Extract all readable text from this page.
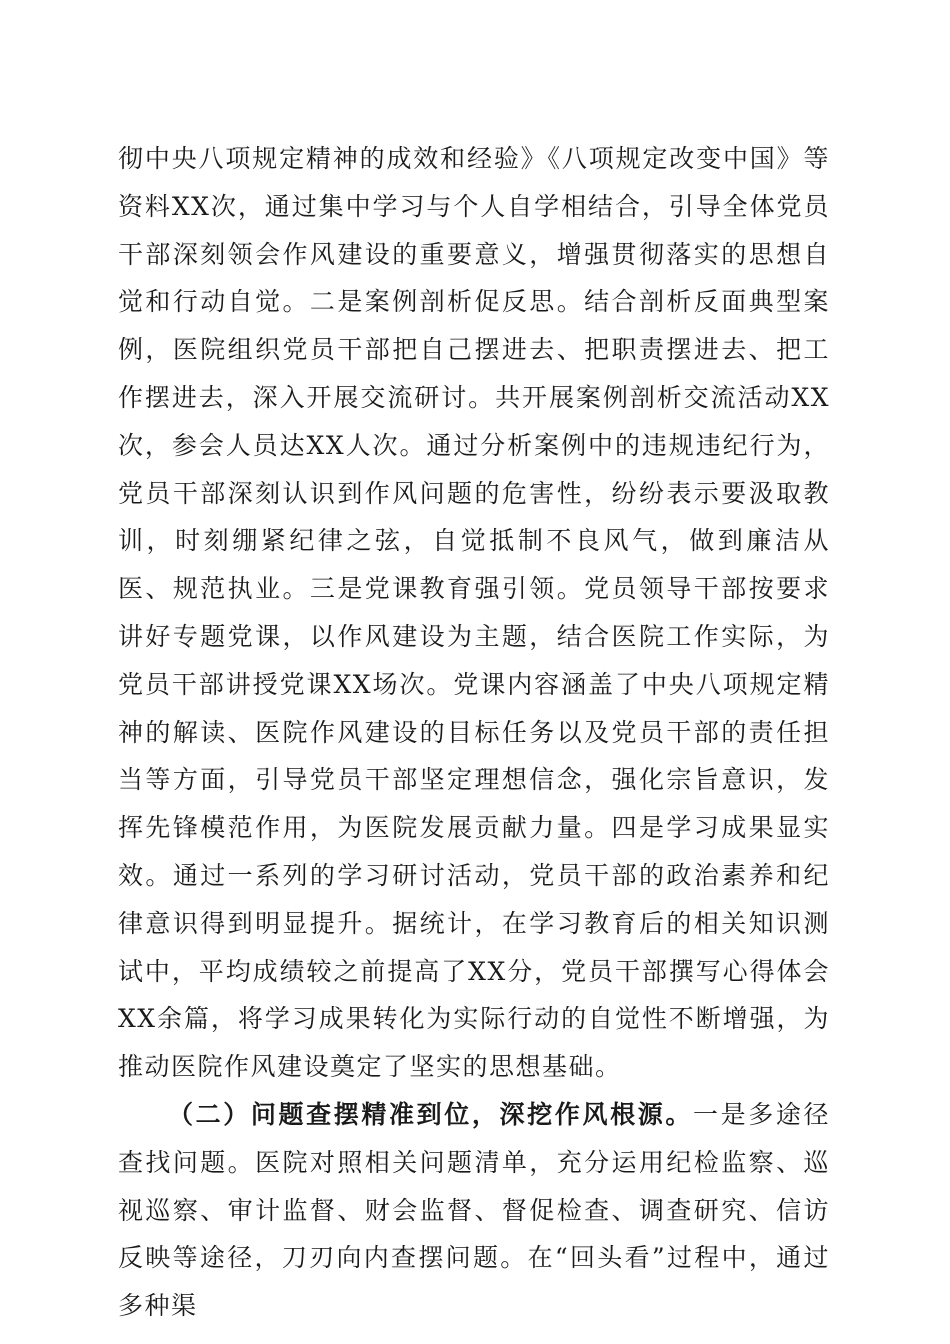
彻中央八项规定精神的成效和经验》《八项规定改变中国》等资料XX次，通过集中学习与个人自学相结合，引导全体党员干部深刻领会作风建设的重要意义，增强贯彻落实的思想自觉和行动自觉。二是案例剖析促反思。结合剖析反面典型案例，医院组织党员干部把自己摆进去、把职责摆进去、把工作摆进去，深入开展交流研讨。共开展案例剖析交流活动XX次，参会人员达XX人次。通过分析案例中的违规违纪行为，党员干部深刻认识到作风问题的危害性，纷纷表示要汲取教训，时刻绷紧纪律之弦，自觉抵制不良风气，做到廉洁从医、规范执业。三是党课教育强引领。党员领导干部按要求讲好专题党课，以作风建设为主题，结合医院工作实际，为党员干部讲授党课XX场次。党课内容涵盖了中央八项规定精神的解读、医院作风建设的目标任务以及党员干部的责任担当等方面，引导党员干部坚定理想信念，强化宗旨意识，发挥先锋模范作用，为医院发展贡献力量。四是学习成果显实效。通过一系列的学习研讨活动，党员干部的政治素养和纪律意识得到明显提升。据统计，在学习教育后的相关知识测试中，平均成绩较之前提高了XX分，党员干部撰写心得体会XX余篇，将学习成果转化为实际行动的自觉性不断增强，为推动医院作风建设奠定了坚实的思想基础。

（二）问题查摆精准到位，深挖作风根源。一是多途径查找问题。医院对照相关问题清单，充分运用纪检监察、巡视巡察、审计监督、财会监督、督促检查、调查研究、信访反映等途径，刀刃向内查摆问题。在“回头看”过程中，通过多种渠
